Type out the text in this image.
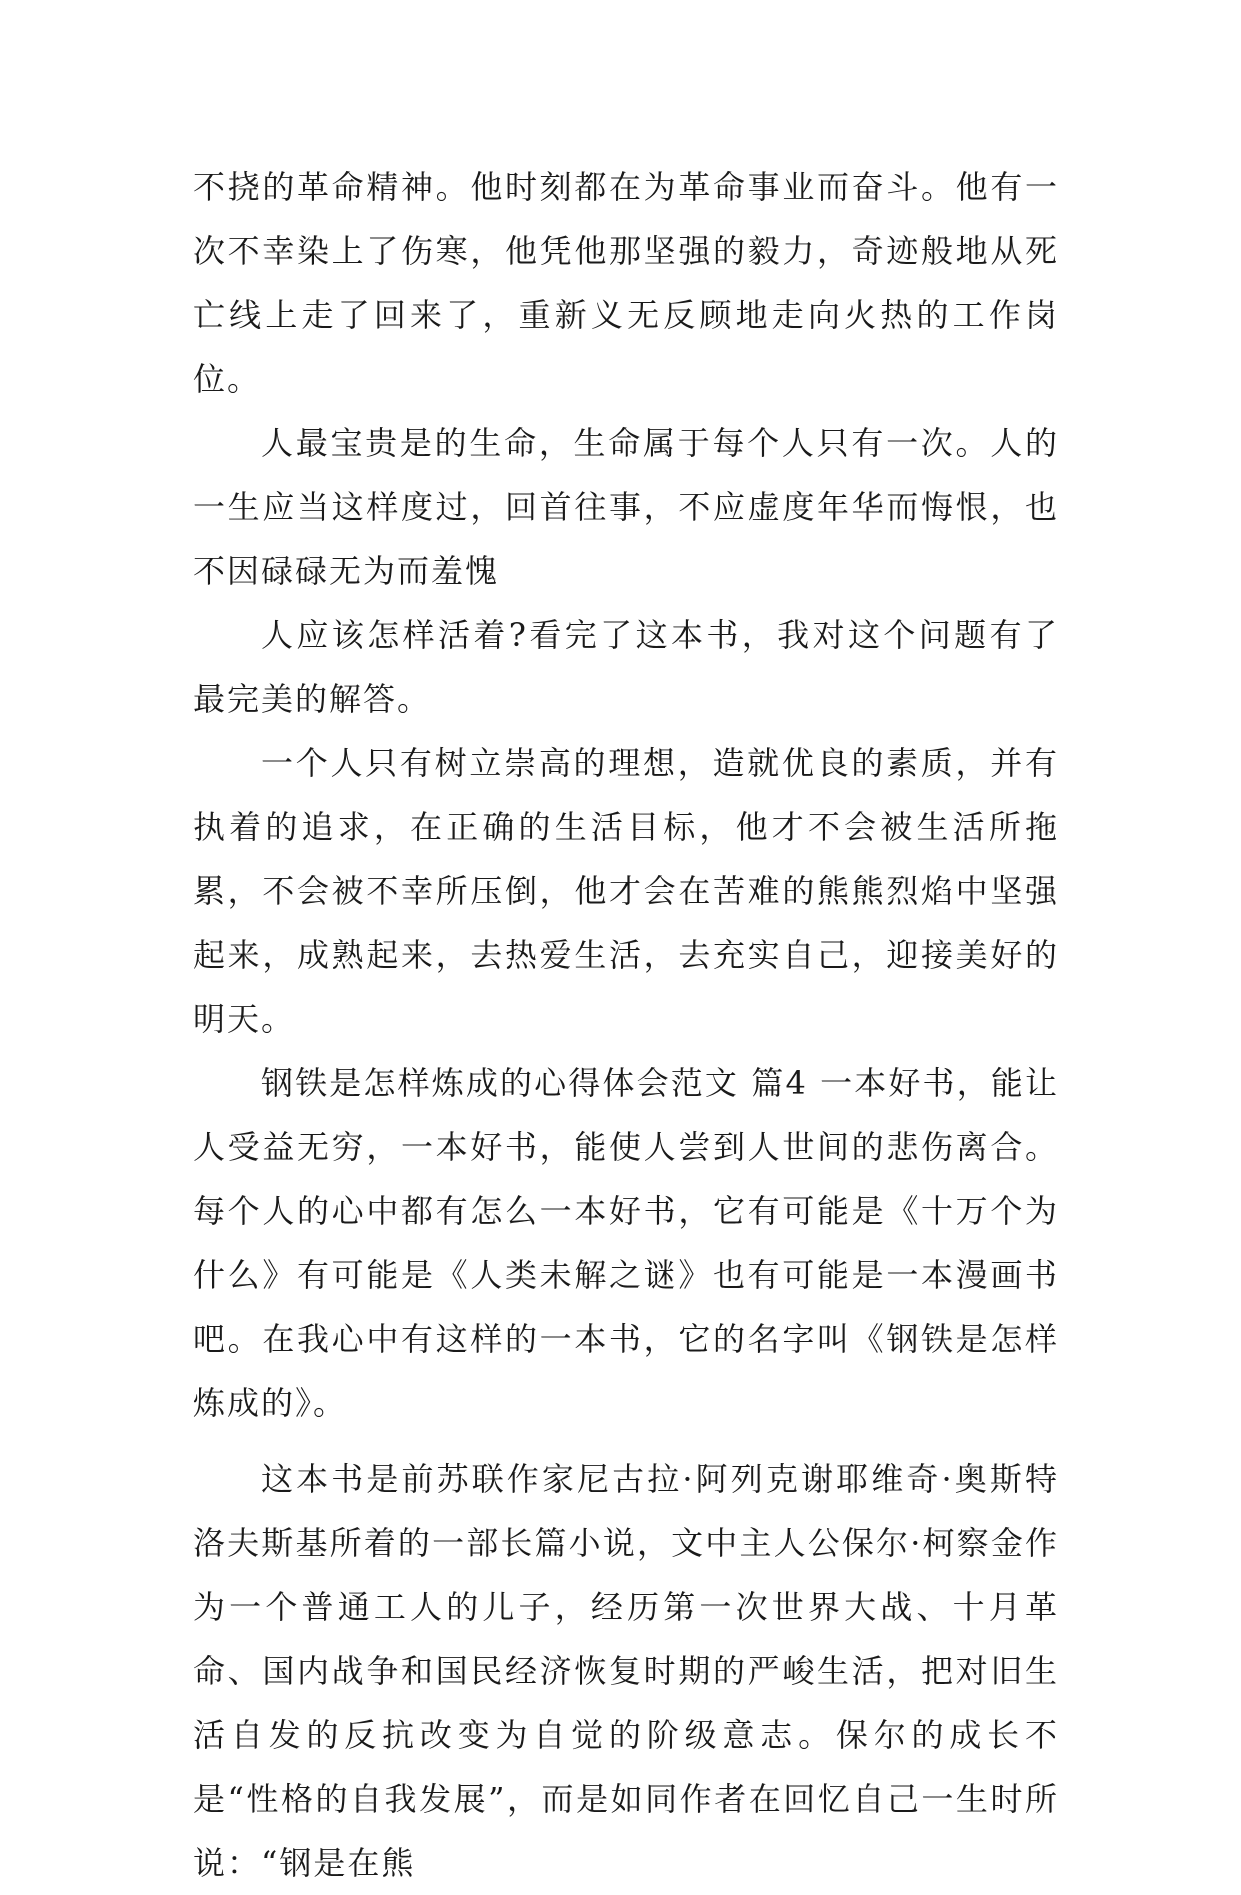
不挠的革命精神。他时刻都在为革命事业而奋斗。他有一次不幸染上了伤寒，他凭他那坚强的毅力，奇迹般地从死亡线上走了回来了，重新义无反顾地走向火热的工作岗位。

人最宝贵是的生命，生命属于每个人只有一次。人的一生应当这样度过，回首往事，不应虚度年华而悔恨，也不因碌碌无为而羞愧

人应该怎样活着?看完了这本书，我对这个问题有了最完美的解答。

一个人只有树立崇高的理想，造就优良的素质，并有执着的追求，在正确的生活目标，他才不会被生活所拖累，不会被不幸所压倒，他才会在苦难的熊熊烈焰中坚强起来，成熟起来，去热爱生活，去充实自己，迎接美好的明天。

钢铁是怎样炼成的心得体会范文 篇4 一本好书，能让人受益无穷，一本好书，能使人尝到人世间的悲伤离合。每个人的心中都有怎么一本好书，它有可能是《十万个为什么》有可能是《人类未解之谜》也有可能是一本漫画书吧。在我心中有这样的一本书，它的名字叫《钢铁是怎样炼成的》。

这本书是前苏联作家尼古拉·阿列克谢耶维奇·奥斯特洛夫斯基所着的一部长篇小说，文中主人公保尔·柯察金作为一个普通工人的儿子，经历第一次世界大战、十月革命、国内战争和国民经济恢复时期的严峻生活，把对旧生活自发的反抗改变为自觉的阶级意志。保尔的成长不是“性格的自我发展”，而是如同作者在回忆自己一生时所说：“钢是在熊
